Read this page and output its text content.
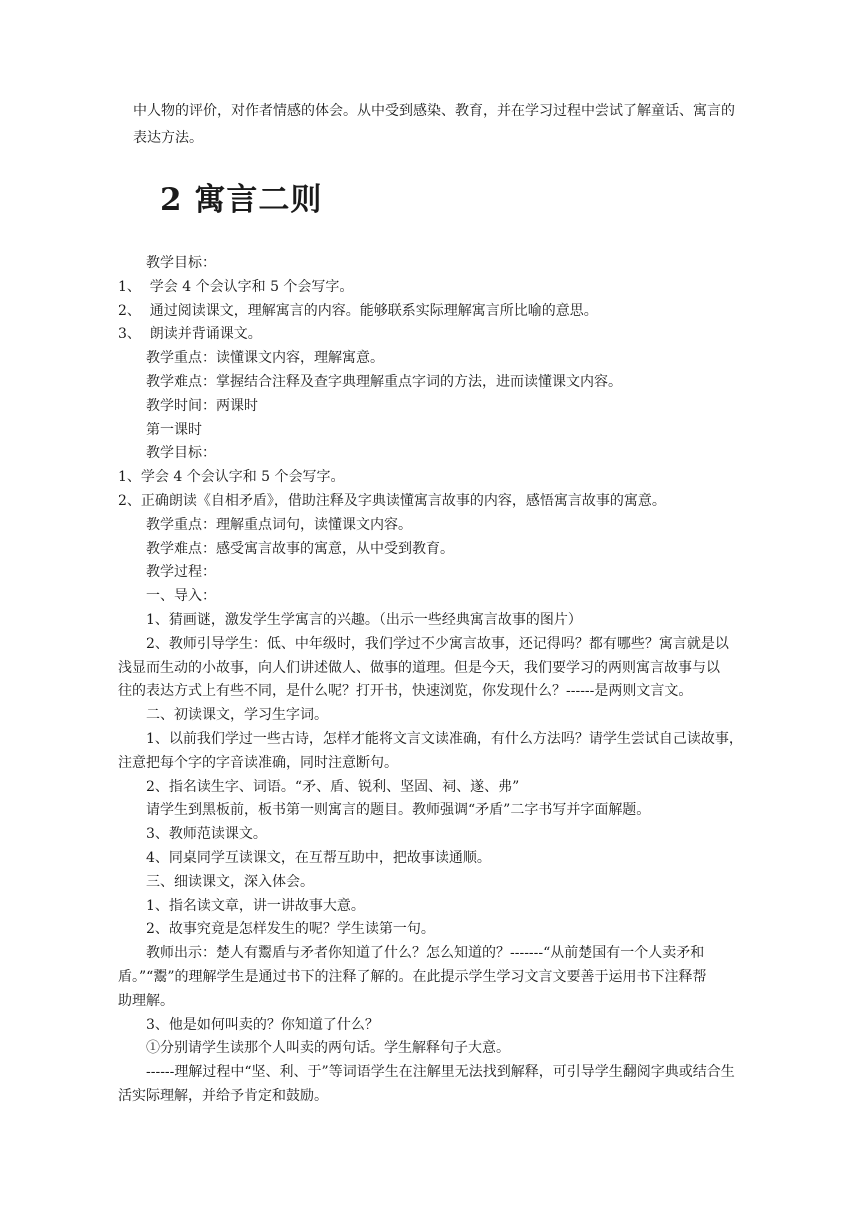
中人物的评价，对作者情感的体会。从中受到感染、教育，并在学习过程中尝试了解童话、寓言的

表达方法。

2 寓言二则

教学目标：

1、  学会 4 个会认字和 5 个会写字。

2、  通过阅读课文，理解寓言的内容。能够联系实际理解寓言所比喻的意思。

3、  朗读并背诵课文。

教学重点：读懂课文内容，理解寓意。

教学难点：掌握结合注释及查字典理解重点字词的方法，进而读懂课文内容。

教学时间：两课时

第一课时

教学目标：

1、学会 4 个会认字和 5 个会写字。

2、正确朗读《自相矛盾》，借助注释及字典读懂寓言故事的内容，感悟寓言故事的寓意。

教学重点：理解重点词句，读懂课文内容。

教学难点：感受寓言故事的寓意，从中受到教育。

教学过程：

一、导入：

1、猜画谜，激发学生学寓言的兴趣。（出示一些经典寓言故事的图片）

2、教师引导学生：低、中年级时，我们学过不少寓言故事，还记得吗？都有哪些？寓言就是以

浅显而生动的小故事，向人们讲述做人、做事的道理。但是今天，我们要学习的两则寓言故事与以

往的表达方式上有些不同，是什么呢？打开书，快速浏览，你发现什么？------是两则文言文。

二、初读课文，学习生字词。

1、以前我们学过一些古诗，怎样才能将文言文读准确，有什么方法吗？请学生尝试自己读故事，

注意把每个字的字音读准确，同时注意断句。

2、指名读生字、词语。“矛、盾、锐利、坚固、祠、遂、弗”

请学生到黑板前，板书第一则寓言的题目。教师强调“矛盾”二字书写并字面解题。

3、教师范读课文。

4、同桌同学互读课文，在互帮互助中，把故事读通顺。

三、细读课文，深入体会。

1、指名读文章，讲一讲故事大意。

2、故事究竟是怎样发生的呢？学生读第一句。

教师出示：楚人有鬻盾与矛者你知道了什么？怎么知道的？-------“从前楚国有一个人卖矛和

盾。”“鬻”的理解学生是通过书下的注释了解的。在此提示学生学习文言文要善于运用书下注释帮

助理解。

3、他是如何叫卖的？你知道了什么？

①分别请学生读那个人叫卖的两句话。学生解释句子大意。

------理解过程中“坚、利、于”等词语学生在注解里无法找到解释，可引导学生翻阅字典或结合生

活实际理解，并给予肯定和鼓励。
